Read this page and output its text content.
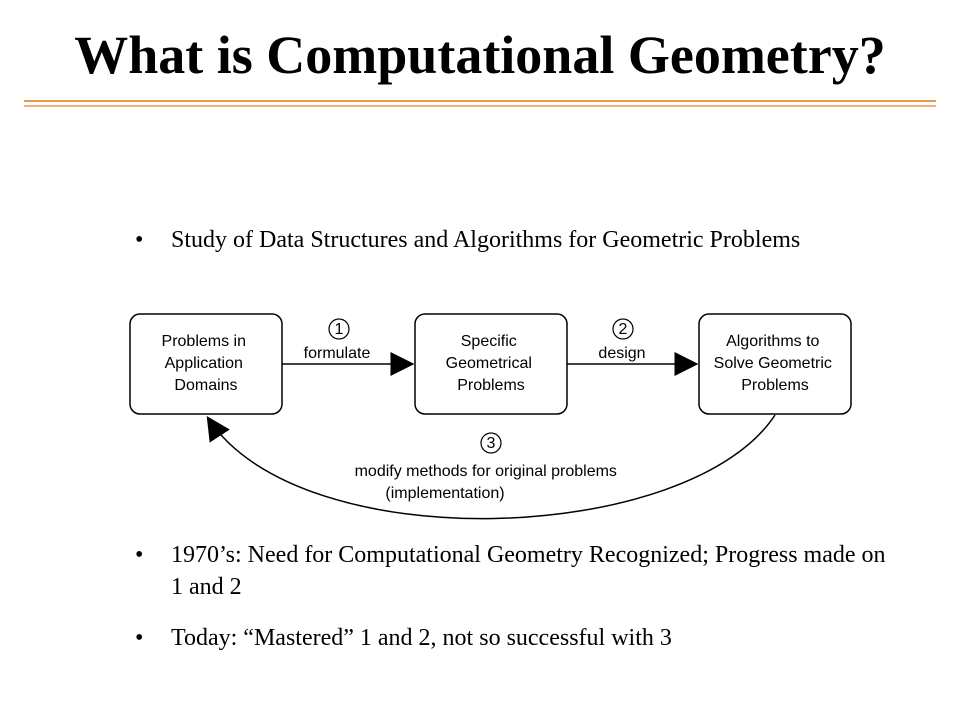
What is Computational Geometry?
•	Study of Data Structures and Algorithms for Geometric Problems
Problems in Application Domains
Specific Geometrical Problems
Algorithms to Solve Geometric Problems
1
formulate
2
design
3
modify methods for original problems (implementation)
•	1970’s: Need for Computational Geometry Recognized; Progress made on 1 and 2
•	Today: “Mastered” 1 and 2, not so successful with 3
